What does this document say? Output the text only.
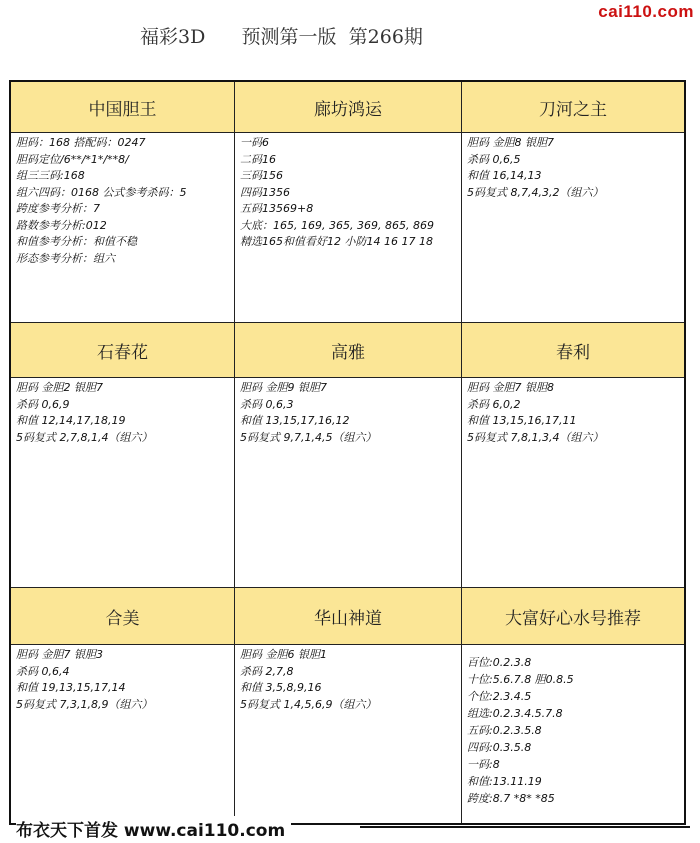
福彩3D      预测第一版  第266期
cai110.com
中国胆王
胆码：168 搭配码：0247
胆码定位/6**/*1*/**8/
组三三码:168
组六四码：0168 公式参考杀码：5
跨度参考分析：7
路数参考分析:012
和值参考分析：和值不稳
形态参考分析：组六
廊坊鸿运
一码6
二码16
三码156
四码1356
五码13569+8
大底：165, 169, 365, 369, 865, 869
精选165和值看好12 小防14 16 17 18
刀河之主
胆码 金胆8 银胆7
杀码 0,6,5
和值 16,14,13
5码复式 8,7,4,3,2（组六）
石春花
胆码 金胆2 银胆7
杀码 0,6,9
和值 12,14,17,18,19
5码复式 2,7,8,1,4（组六）
高雅
胆码 金胆9 银胆7
杀码 0,6,3
和值 13,15,17,16,12
5码复式 9,7,1,4,5（组六）
春利
胆码 金胆7 银胆8
杀码 6,0,2
和值 13,15,16,17,11
5码复式 7,8,1,3,4（组六）
合美
胆码 金胆7 银胆3
杀码 0,6,4
和值 19,13,15,17,14
5码复式 7,3,1,8,9（组六）
华山神道
胆码 金胆6 银胆1
杀码 2,7,8
和值 3,5,8,9,16
5码复式 1,4,5,6,9（组六）
大富好心水号推荐
百位:0.2.3.8
十位:5.6.7.8 胆0.8.5
个位:2.3.4.5
组选:0.2.3.4.5.7.8
五码:0.2.3.5.8
四码:0.3.5.8
一码:8
和值:13.11.19
跨度:8.7 *8* *85
布衣天下首发 www.cai110.com
